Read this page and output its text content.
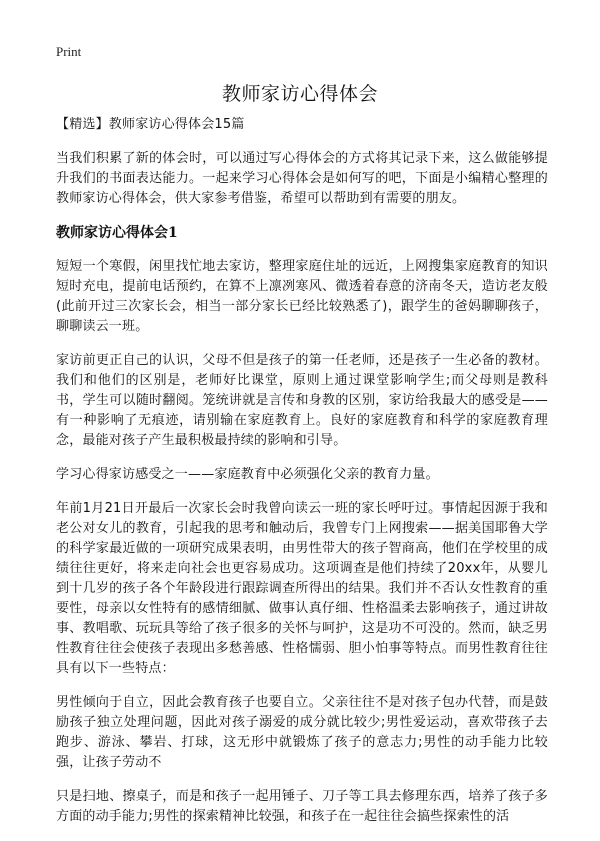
Print
教师家访心得体会

【精选】教师家访心得体会15篇

当我们积累了新的体会时，可以通过写心得体会的方式将其记录下来，这么做能够提升我们的书面表达能力。一起来学习心得体会是如何写的吧，下面是小编精心整理的教师家访心得体会，供大家参考借鉴，希望可以帮助到有需要的朋友。

教师家访心得体会1

短短一个寒假，闲里找忙地去家访，整理家庭住址的远近，上网搜集家庭教育的知识短时充电，提前电话预约，在算不上凛冽寒风、微透着春意的济南冬天，造访老友般(此前开过三次家长会，相当一部分家长已经比较熟悉了)，跟学生的爸妈聊聊孩子，聊聊读云一班。

家访前更正自己的认识，父母不但是孩子的第一任老师，还是孩子一生必备的教材。我们和他们的区别是，老师好比课堂，原则上通过课堂影响学生;而父母则是教科书，学生可以随时翻阅。笼统讲就是言传和身教的区别，家访给我最大的感受是——有一种影响了无痕迹，请别输在家庭教育上。良好的家庭教育和科学的家庭教育理念，最能对孩子产生最积极最持续的影响和引导。

学习心得家访感受之一——家庭教育中必须强化父亲的教育力量。

年前1月21日开最后一次家长会时我曾向读云一班的家长呼吁过。事情起因源于我和老公对女儿的教育，引起我的思考和触动后，我曾专门上网搜索——据美国耶鲁大学的科学家最近做的一项研究成果表明，由男性带大的孩子智商高，他们在学校里的成绩往往更好，将来走向社会也更容易成功。这项调查是他们持续了20xx年，从婴儿到十几岁的孩子各个年龄段进行跟踪调查所得出的结果。我们并不否认女性教育的重要性，母亲以女性特有的感情细腻、做事认真仔细、性格温柔去影响孩子，通过讲故事、教唱歌、玩玩具等给了孩子很多的关怀与呵护，这是功不可没的。然而，缺乏男性教育往往会使孩子表现出多愁善感、性格懦弱、胆小怕事等特点。而男性教育往往具有以下一些特点：

男性倾向于自立，因此会教育孩子也要自立。父亲往往不是对孩子包办代替，而是鼓励孩子独立处理问题，因此对孩子溺爱的成分就比较少;男性爱运动，喜欢带孩子去跑步、游泳、攀岩、打球，这无形中就锻炼了孩子的意志力;男性的动手能力比较强，让孩子劳动不

只是扫地、擦桌子，而是和孩子一起用锤子、刀子等工具去修理东西，培养了孩子多方面的动手能力;男性的探索精神比较强，和孩子在一起往往会搞些探索性的活
